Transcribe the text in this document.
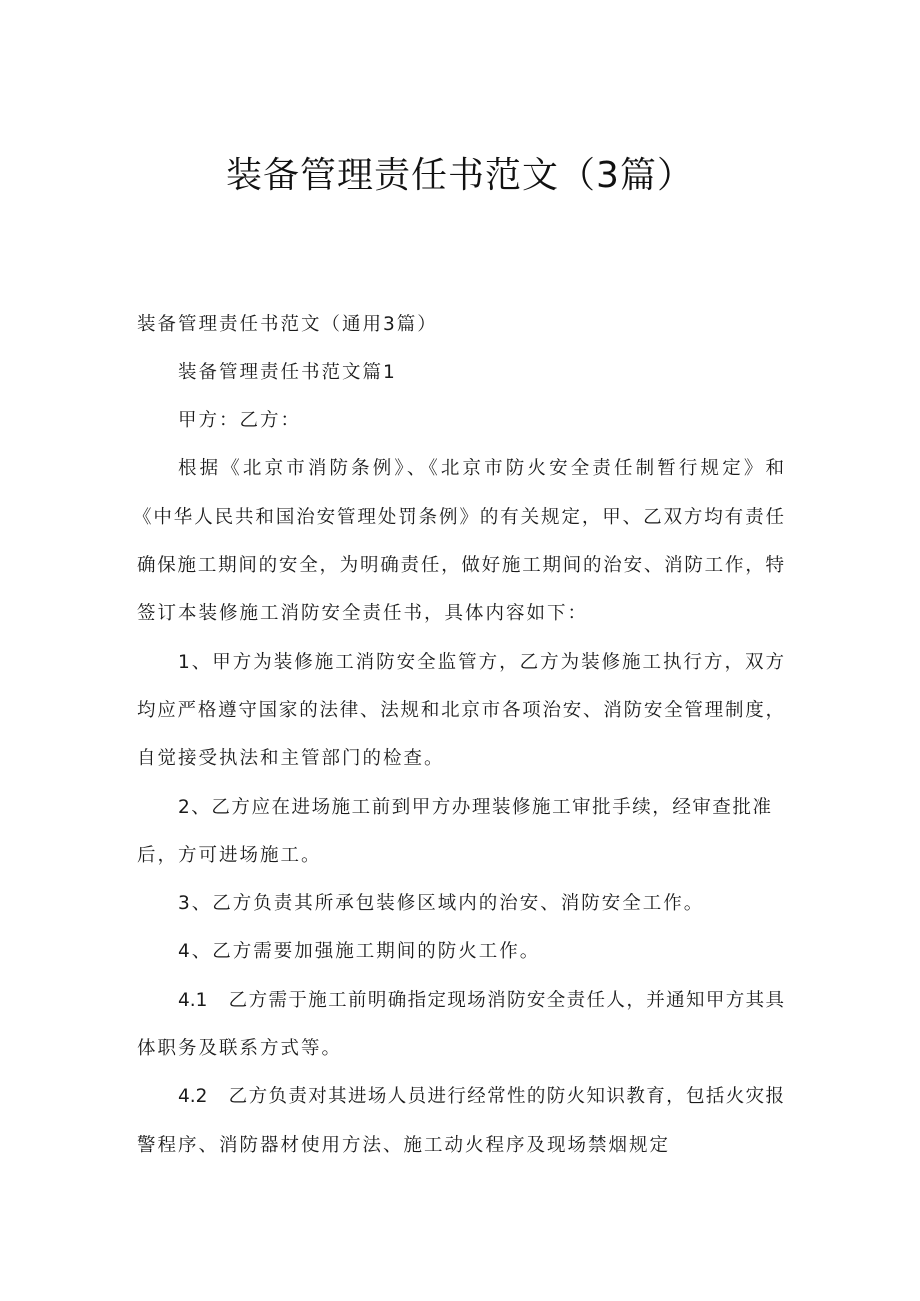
装备管理责任书范文（3篇）

装备管理责任书范文（通用3篇）

装备管理责任书范文篇1

甲方：乙方：

根据《北京市消防条例》、《北京市防火安全责任制暂行规定》和

《中华人民共和国治安管理处罚条例》的有关规定，甲、乙双方均有责任

确保施工期间的安全，为明确责任，做好施工期间的治安、消防工作，特

签订本装修施工消防安全责任书，具体内容如下：

1、甲方为装修施工消防安全监管方，乙方为装修施工执行方，双方

均应严格遵守国家的法律、法规和北京市各项治安、消防安全管理制度，

自觉接受执法和主管部门的检查。

2、乙方应在进场施工前到甲方办理装修施工审批手续，经审查批准

后，方可进场施工。

3、乙方负责其所承包装修区域内的治安、消防安全工作。

4、乙方需要加强施工期间的防火工作。

4.1　乙方需于施工前明确指定现场消防安全责任人，并通知甲方其具

体职务及联系方式等。

4.2　乙方负责对其进场人员进行经常性的防火知识教育，包括火灾报

警程序、消防器材使用方法、施工动火程序及现场禁烟规定
